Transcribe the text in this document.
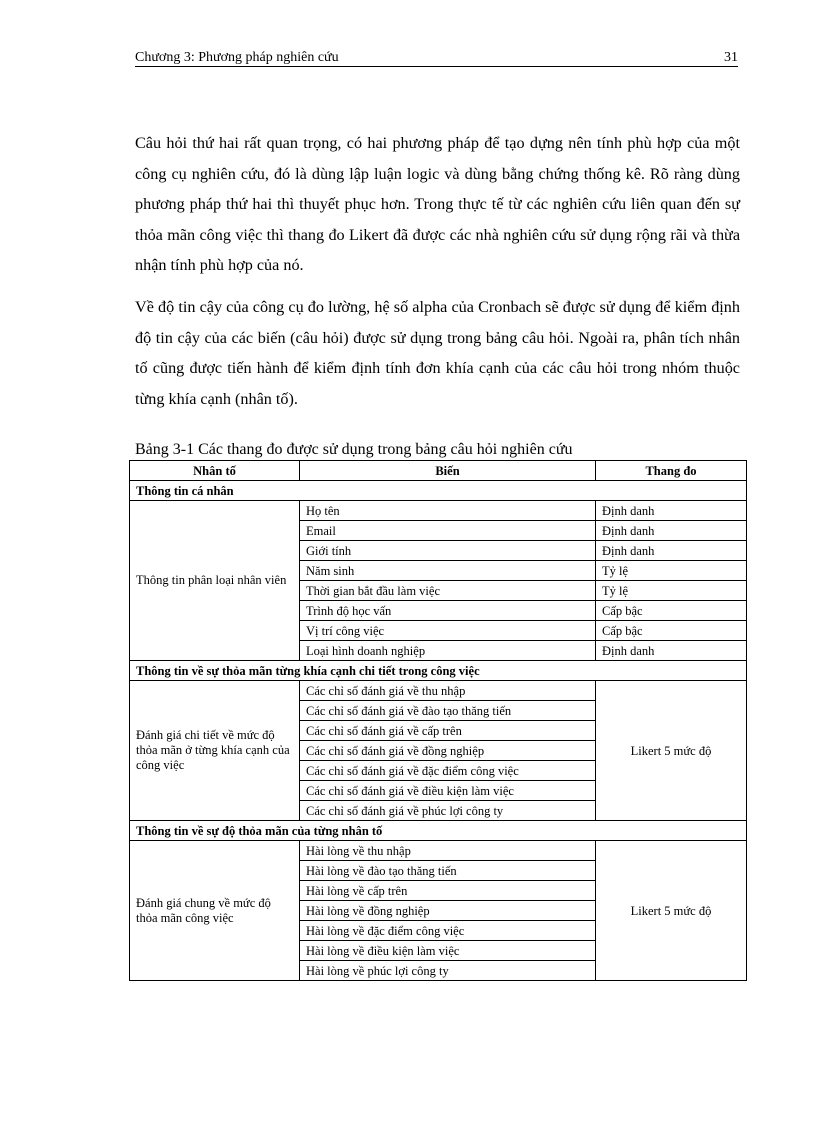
Chương 3: Phương pháp nghiên cứu	31

Câu hỏi thứ hai rất quan trọng, có hai phương pháp để tạo dựng nên tính phù hợp của một công cụ nghiên cứu, đó là dùng lập luận logic và dùng bằng chứng thống kê. Rõ ràng dùng phương pháp thứ hai thì thuyết phục hơn. Trong thực tế từ các nghiên cứu liên quan đến sự thỏa mãn công việc thì thang đo Likert đã được các nhà nghiên cứu sử dụng rộng rãi và thừa nhận tính phù hợp của nó.

Về độ tin cậy của công cụ đo lường, hệ số alpha của Cronbach sẽ được sử dụng để kiểm định độ tin cậy của các biến (câu hỏi) được sử dụng trong bảng câu hỏi. Ngoài ra, phân tích nhân tố cũng được tiến hành để kiểm định tính đơn khía cạnh của các câu hỏi trong nhóm thuộc từng khía cạnh (nhân tố).

Bảng 3-1 Các thang đo được sử dụng trong bảng câu hỏi nghiên cứu

Nhân tố	Biến	Thang đo
Thông tin cá nhân		
Thông tin phân loại nhân viên	Họ tên	Định danh
	Email	Định danh
	Giới tính	Định danh
	Năm sinh	Tỷ lệ
	Thời gian bắt đầu làm việc	Tỷ lệ
	Trình độ học vấn	Cấp bậc
	Vị trí công việc	Cấp bậc
	Loại hình doanh nghiệp	Định danh
Thông tin về sự thỏa mãn từng khía cạnh chi tiết trong công việc		
Đánh giá chi tiết về mức độ thỏa mãn ở từng khía cạnh của công việc	Các chỉ số đánh giá về thu nhập	Likert 5 mức độ
	Các chỉ số đánh giá về đào tạo thăng tiến	
	Các chỉ số đánh giá về cấp trên	
	Các chỉ số đánh giá về đồng nghiệp	
	Các chỉ số đánh giá về đặc điểm công việc	
	Các chỉ số đánh giá về điều kiện làm việc	
	Các chỉ số đánh giá về phúc lợi công ty	
Thông tin về sự độ thỏa mãn của từng nhân tố		
Đánh giá chung về mức độ thỏa mãn công việc	Hài lòng về thu nhập	Likert 5 mức độ
	Hài lòng về đào tạo thăng tiến	
	Hài lòng về cấp trên	
	Hài lòng về đồng nghiệp	
	Hài lòng về đặc điểm công việc	
	Hài lòng về điều kiện làm việc	
	Hài lòng về phúc lợi công ty	
